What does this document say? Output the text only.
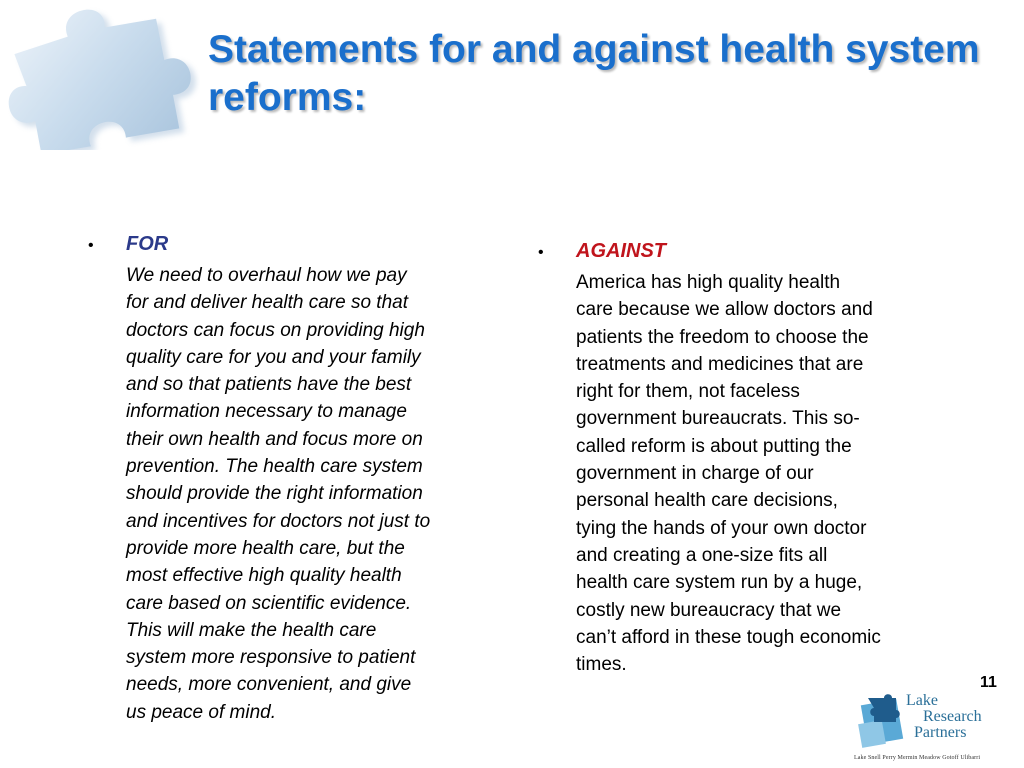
Statements for and against health system reforms:
•	FOR
We need to overhaul how we pay
for and deliver health care so that
doctors can focus on providing high
quality care for you and your family
and so that patients have the best
information necessary to manage
their own health and focus more on
prevention. The health care system
should provide the right information
and incentives for doctors not just to
provide more health care, but the
most effective high quality health
care based on scientific evidence.
This will make the health care
system more responsive to patient
needs, more convenient, and give
us peace of mind.
•	AGAINST
America has high quality health
care because we allow doctors and
patients the freedom to choose the
treatments and medicines that are
right for them, not faceless
government bureaucrats. This so-
called reform is about putting the
government in charge of our
personal health care decisions,
tying the hands of your own doctor
and creating a one-size fits all
health care system run by a huge,
costly new bureaucracy that we
can’t afford in these tough economic
times.
11
Lake
Research
Partners
Lake Snell Perry Mermin Meadow Gotoff Ulibarri
